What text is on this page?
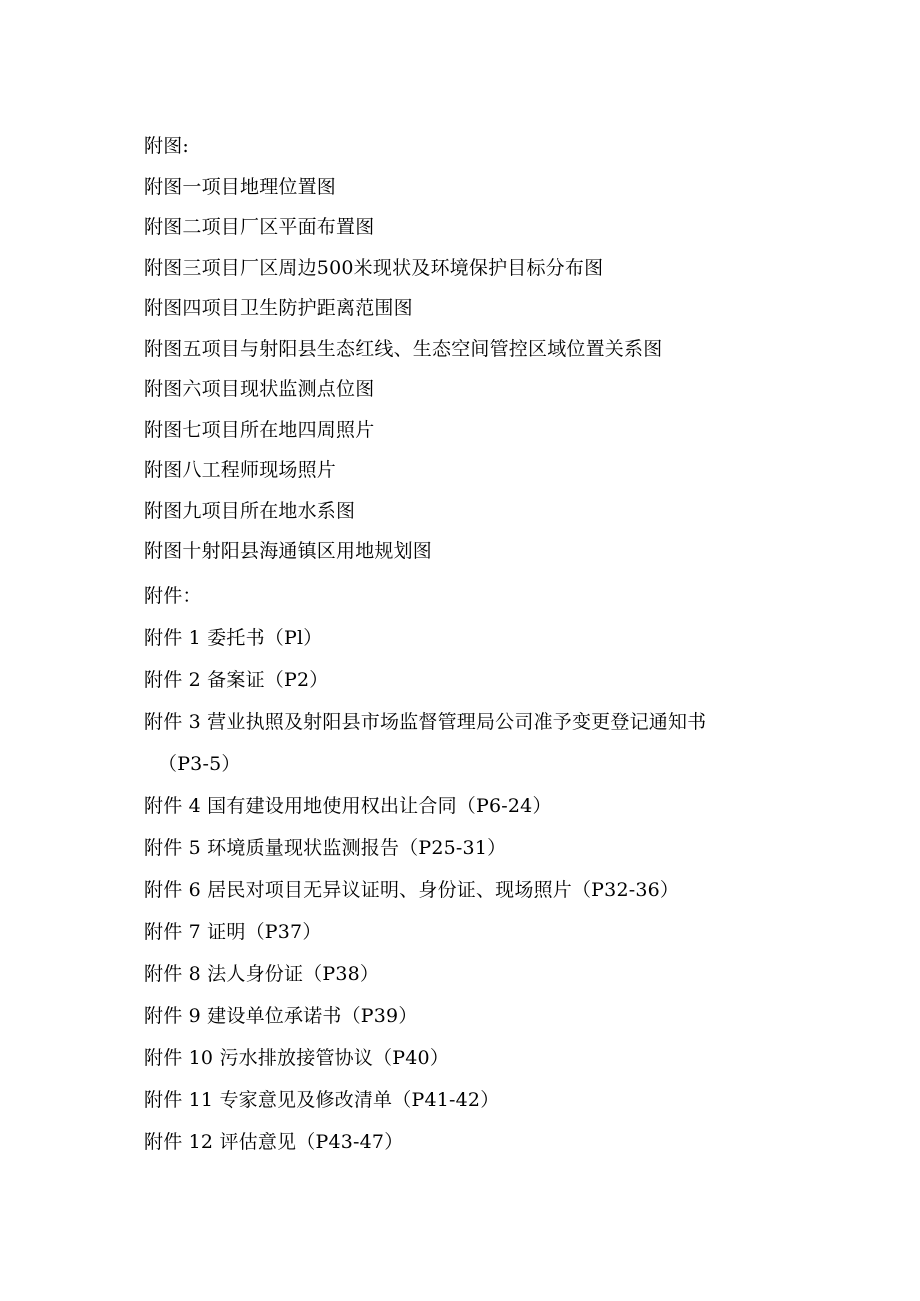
附图:
附图一项目地理位置图
附图二项目厂区平面布置图
附图三项目厂区周边500米现状及环境保护目标分布图
附图四项目卫生防护距离范围图
附图五项目与射阳县生态红线、生态空间管控区域位置关系图
附图六项目现状监测点位图
附图七项目所在地四周照片
附图八工程师现场照片
附图九项目所在地水系图
附图十射阳县海通镇区用地规划图
附件：
附件 1 委托书（Pl）
附件 2 备案证（P2）
附件 3 营业执照及射阳县市场监督管理局公司准予变更登记通知书
（P3-5）
附件 4 国有建设用地使用权出让合同（P6-24）
附件 5 环境质量现状监测报告（P25-31）
附件 6 居民对项目无异议证明、身份证、现场照片（P32-36）
附件 7 证明（P37）
附件 8 法人身份证（P38）
附件 9 建设单位承诺书（P39）
附件 10 污水排放接管协议（P40）
附件 11 专家意见及修改清单（P41-42）
附件 12 评估意见（P43-47）
